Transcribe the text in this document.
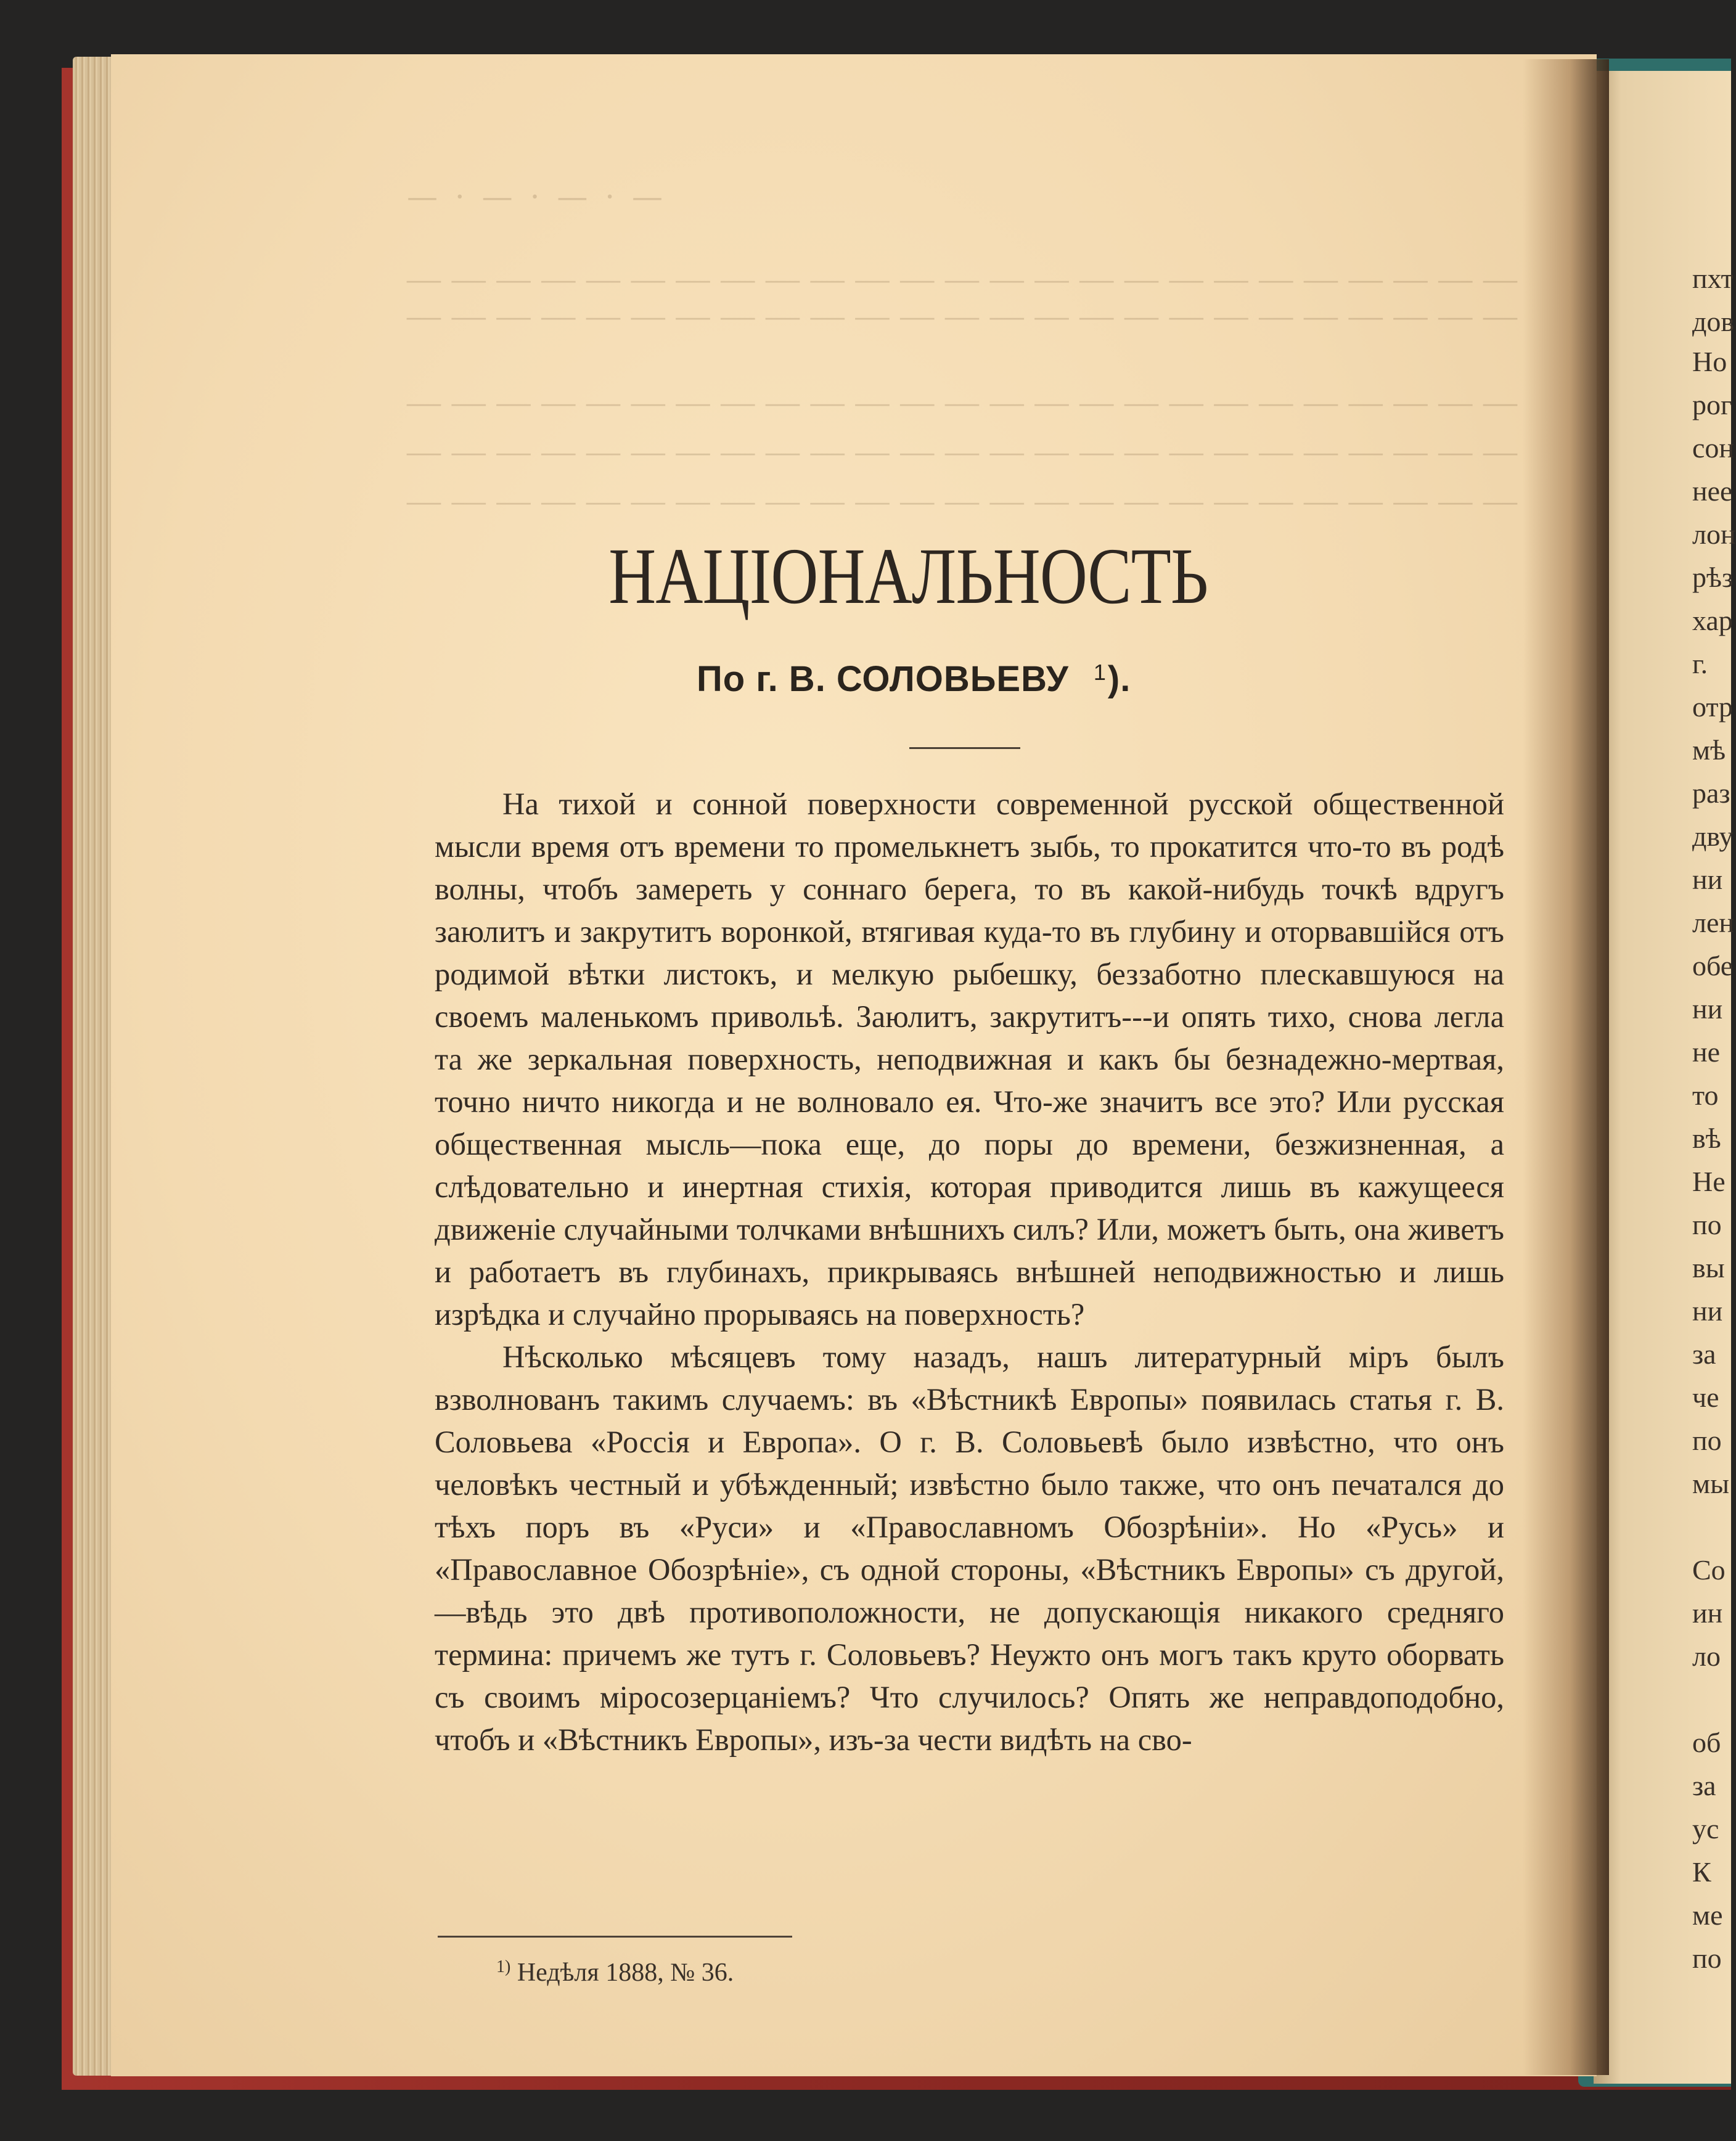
— · — · — · —
— — — — — — — — — — — — — — — — — — — — — — — — —
— — — — — — — — — — — — — — — — — — — — — — — — —
— — — — — — — — — — — — — — — — — — — — — — — — —
— — — — — — — — — — — — — — — — — — — — — — — — —
— — — — — — — — — — — — — — — — — — — — — — — — —
НАЦIОНАЛЬНОСТЬ
По г. В. СОЛОВЬЕВУ $^1$).

На тихой и сонной поверхности современной русской общественной мысли время отъ времени то промелькнетъ зыбь, то прокатится что-то въ родѣ волны, чтобъ замереть у соннаго берега, то въ какой-нибудь точкѣ вдругъ заюлитъ и закрутитъ воронкой, втягивая куда-то въ глубину и оторвавшiйся отъ родимой вѣтки листокъ, и мелкую рыбешку, беззаботно плескавшуюся на своемъ маленькомъ привольѣ. Заюлитъ, закрутитъ---и опять тихо, снова легла та же зеркальная поверхность, неподвижная и какъ бы безнадежно-мертвая, точно ничто никогда и не волновало ея. Что-же значитъ все это? Или русская общественная мысль—пока еще, до поры до времени, безжизненная, а слѣдовательно и инертная стихiя, которая приводится лишь въ кажущееся движенiе случайными толчками внѣшнихъ силъ? Или, можетъ быть, она живетъ и работаетъ въ глубинахъ, прикрываясь внѣшней неподвижностью и лишь изрѣдка и случайно прорываясь на поверхность?

Нѣсколько мѣсяцевъ тому назадъ, нашъ литературный мiръ былъ взволнованъ такимъ случаемъ: въ «Вѣстникѣ Европы» появилась статья г. В. Соловьева «Россiя и Европа». О г. В. Соловьевѣ было извѣстно, что онъ человѣкъ честный и убѣжденный; извѣстно было также, что онъ печатался до тѣхъ поръ въ «Руси» и «Православномъ Обозрѣнiи». Но «Русь» и «Православное Обозрѣнiе», съ одной стороны, «Вѣстникъ Европы» съ другой,—вѣдь это двѣ противоположности, не допускающiя никакого средняго термина: причемъ же тутъ г. Соловьевъ? Неужто онъ могъ такъ круто оборвать съ своимъ мiросозерцанiемъ? Что случилось? Опять же неправдоподобно, чтобъ и «Вѣстникъ Европы», изъ-за чести видѣть на сво-

$^{1)}$ Недѣля 1888, № 36.
пхт
дов
Но
рог
сон
нее
лон
рѣз
хар
г.
отр
мѣ
раз
дву
ни
лен
обе
ни
не
то
вѣ
Не
по
вы
ни
за
че
по
мы
Со
ин
ло
об
за
ус
К
ме
по
